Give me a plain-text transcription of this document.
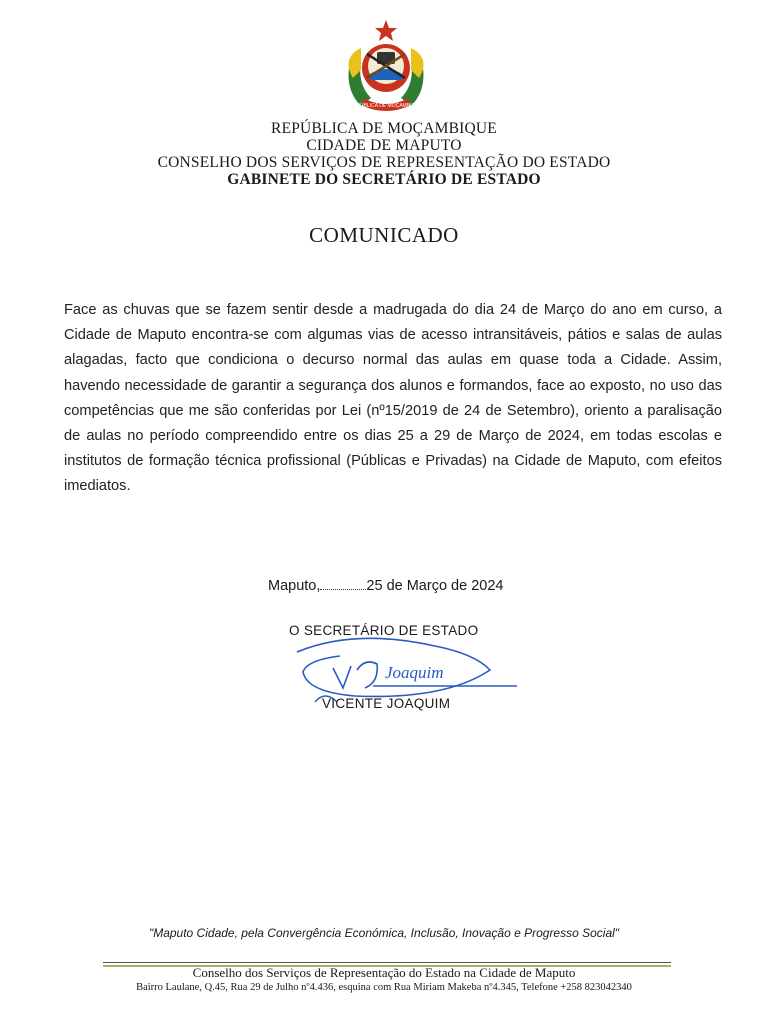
REPÚBLICA DE MOÇAMBIQUE
REPÚBLICA DE MOÇAMBIQUE
CIDADE DE MAPUTO
CONSELHO DOS SERVIÇOS DE REPRESENTAÇÃO DO ESTADO
GABINETE DO SECRETÁRIO DE ESTADO
COMUNICADO
Face as chuvas que se fazem sentir desde a madrugada do dia 24 de Março do ano em curso, a Cidade de Maputo encontra-se com algumas vias de acesso intransitáveis, pátios e salas de aulas alagadas, facto que condiciona o decurso normal das aulas em quase toda a Cidade. Assim, havendo necessidade de garantir a segurança dos alunos e formandos, face ao exposto, no uso das competências que me são conferidas por Lei (nº15/2019 de 24 de Setembro), oriento a paralisação de aulas no período compreendido entre os dias 25 a 29 de Março de 2024, em todas escolas e institutos de formação técnica profissional (Públicas e Privadas) na Cidade de Maputo, com efeitos imediatos.
Maputo,	25 de Março de 2024
O SECRETÁRIO DE ESTADO
Joaquim
VICENTE JOAQUIM
"Maputo Cidade, pela Convergência Económica, Inclusão, Inovação e Progresso Social"
Conselho dos Serviços de Representação do Estado na Cidade de Maputo
Bairro Laulane, Q.45, Rua 29 de Julho nº4.436, esquina com Rua Miriam Makeba nº4.345, Telefone +258 823042340
